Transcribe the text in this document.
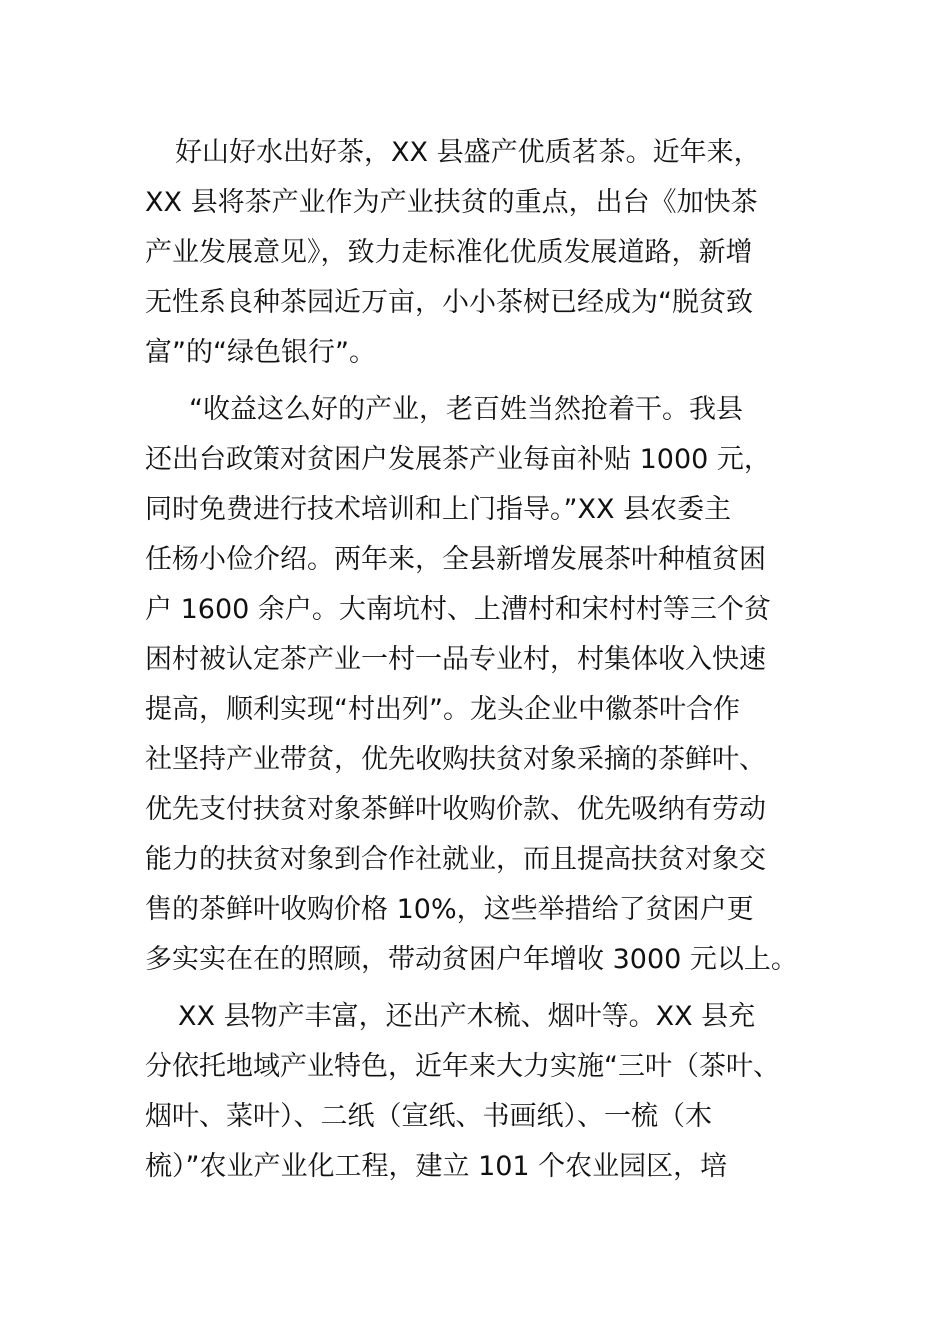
好山好水出好茶，XX 县盛产优质茗茶。近年来，
XX 县将茶产业作为产业扶贫的重点，出台《加快茶
产业发展意见》，致力走标准化优质发展道路，新增
无性系良种茶园近万亩，小小茶树已经成为“脱贫致
富”的“绿色银行”。
“收益这么好的产业，老百姓当然抢着干。我县
还出台政策对贫困户发展茶产业每亩补贴 1000 元，
同时免费进行技术培训和上门指导。”XX 县农委主
任杨小俭介绍。两年来，全县新增发展茶叶种植贫困
户 1600 余户。大南坑村、上漕村和宋村村等三个贫
困村被认定茶产业一村一品专业村，村集体收入快速
提高，顺利实现“村出列”。龙头企业中徽茶叶合作
社坚持产业带贫，优先收购扶贫对象采摘的茶鲜叶、
优先支付扶贫对象茶鲜叶收购价款、优先吸纳有劳动
能力的扶贫对象到合作社就业，而且提高扶贫对象交
售的茶鲜叶收购价格 10%，这些举措给了贫困户更
多实实在在的照顾，带动贫困户年增收 3000 元以上。
XX 县物产丰富，还出产木梳、烟叶等。XX 县充
分依托地域产业特色，近年来大力实施“三叶（茶叶、
烟叶、菜叶）、二纸（宣纸、书画纸）、一梳（木
梳）”农业产业化工程，建立 101 个农业园区，培
